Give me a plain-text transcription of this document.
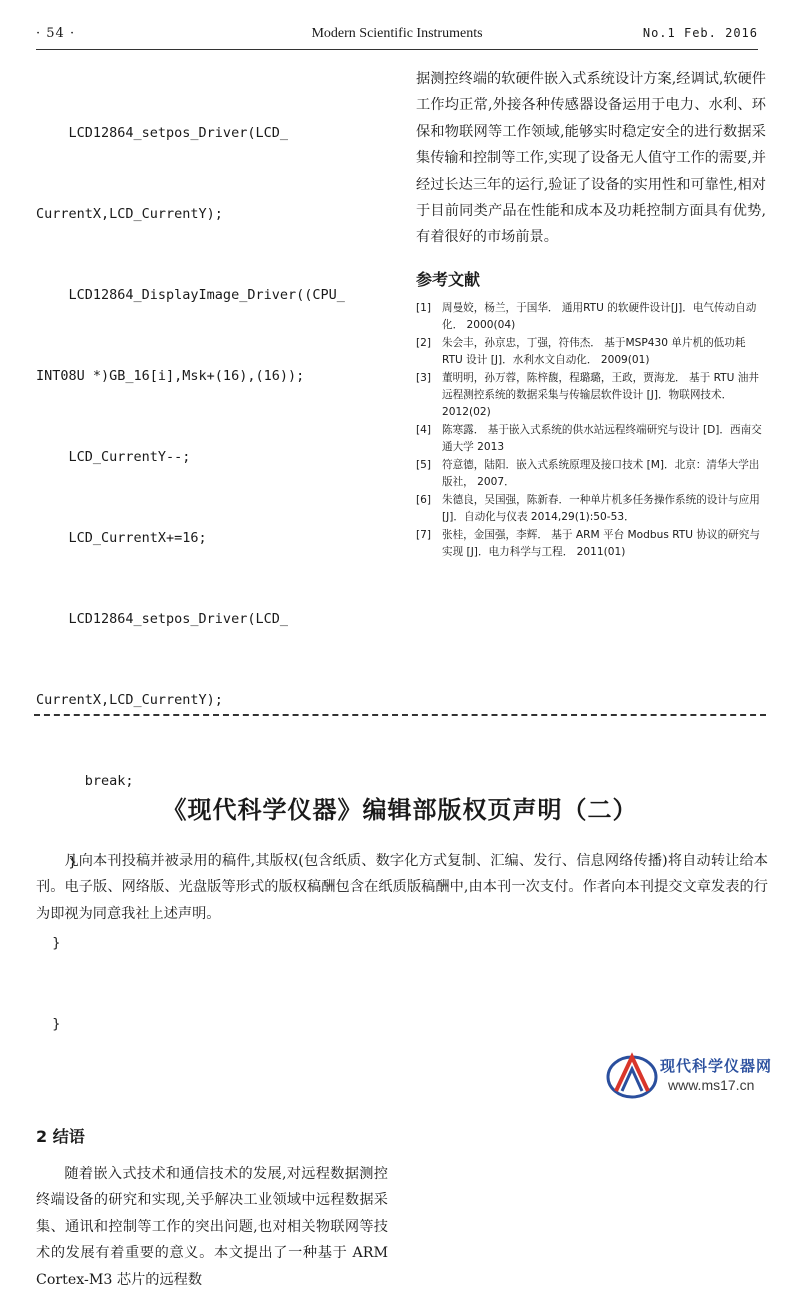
· 54 ·	Modern Scientific Instruments	No.1 Feb. 2016

LCD12864_setpos_Driver(LCD_

CurrentX,LCD_CurrentY);

LCD12864_DisplayImage_Driver((CPU_

INT08U *)GB_16[i],Msk+(16),(16));

LCD_CurrentY--;

LCD_CurrentX+=16;

LCD12864_setpos_Driver(LCD_

CurrentX,LCD_CurrentY);

break;

}

}

}

2 结语

随着嵌入式技术和通信技术的发展,对远程数据测控终端设备的研究和实现,关乎解决工业领域中远程数据采集、通讯和控制等工作的突出问题,也对相关物联网等技术的发展有着重要的意义。本文提出了一种基于 ARM Cortex-M3 芯片的远程数

据测控终端的软硬件嵌入式系统设计方案,经调试,软硬件工作均正常,外接各种传感器设备运用于电力、水利、环保和物联网等工作领域,能够实时稳定安全的进行数据采集传输和控制等工作,实现了设备无人值守工作的需要,并经过长达三年的运行,验证了设备的实用性和可靠性,相对于目前同类产品在性能和成本及功耗控制方面具有优势,有着很好的市场前景。

参考文献
[1]	周曼姣，杨兰，于国华． 通用RTU 的软硬件设计[J]．电气传动自动化． 2000(04)
[2]	朱会丰，孙京忠，丁强，符伟杰． 基于MSP430 单片机的低功耗 RTU 设计 [J]．水利水文自动化． 2009(01)
[3]	董明明，孙万蓉，陈梓馥，程璐璐，王政，贾海龙． 基于 RTU 油井远程测控系统的数据采集与传输层软件设计 [J]．物联网技术． 2012(02)
[4]	陈寒露． 基于嵌入式系统的供水站远程终端研究与设计 [D]．西南交通大学 2013
[5]	符意德，陆阳．嵌入式系统原理及接口技术 [M]．北京：清华大学出版社， 2007．
[6]	朱德良，吴国强，陈新春．一种单片机多任务操作系统的设计与应用 [J]．自动化与仪表 2014,29(1):50-53．
[7]	张桂，金国强，李辉． 基于 ARM 平台 Modbus RTU 协议的研究与实现 [J]．电力科学与工程． 2011(01)
《现代科学仪器》编辑部版权页声明（二）

凡向本刊投稿并被录用的稿件,其版权(包含纸质、数字化方式复制、汇编、发行、信息网络传播)将自动转让给本刊。电子版、网络版、光盘版等形式的版权稿酬包含在纸质版稿酬中,由本刊一次支付。作者向本刊提交文章发表的行为即视为同意我社上述声明。

现代科学仪器网
www.ms17.cn
